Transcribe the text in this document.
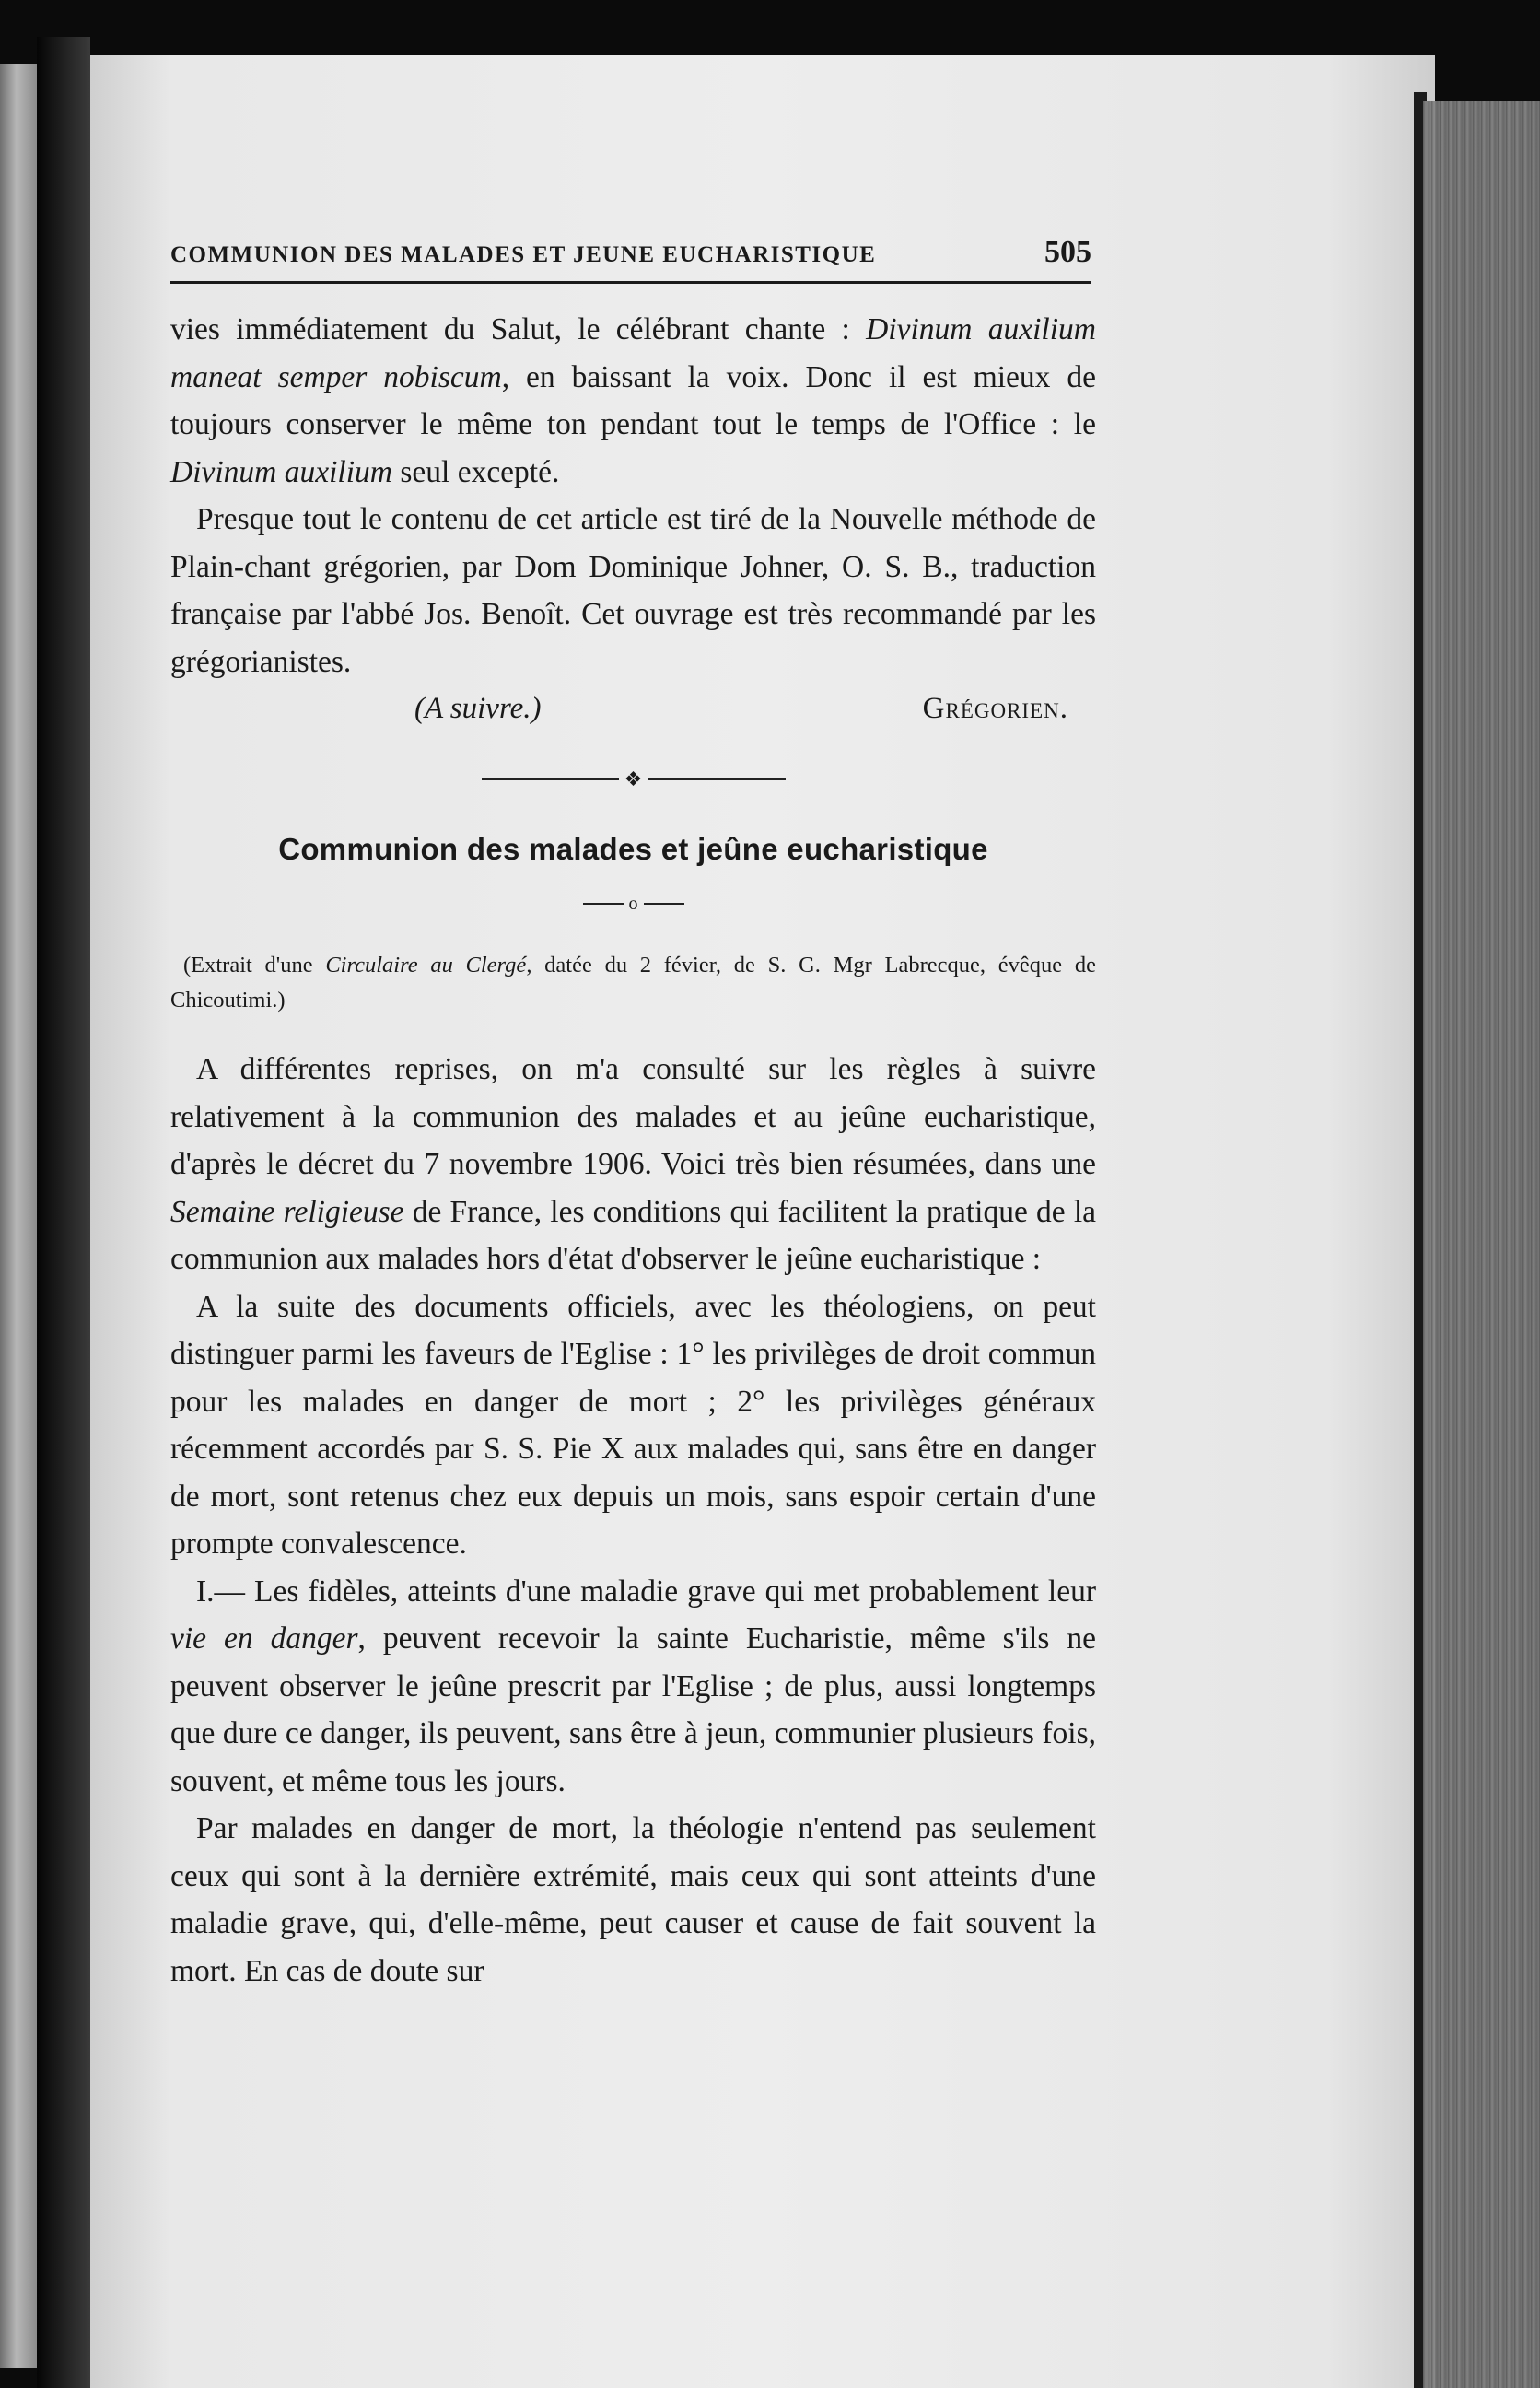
COMMUNION DES MALADES ET JEUNE EUCHARISTIQUE	505

vies immédiatement du Salut, le célébrant chante : Divinum auxilium maneat semper nobiscum, en baissant la voix. Donc il est mieux de toujours conserver le même ton pendant tout le temps de l'Office : le Divinum auxilium seul excepté.

Presque tout le contenu de cet article est tiré de la Nouvelle méthode de Plain-chant grégorien, par Dom Dominique Johner, O. S. B., traduction française par l'abbé Jos. Benoît. Cet ouvrage est très recommandé par les grégorianistes.

(A suivre.)	Grégorien.
❖
Communion des malades et jeûne eucharistique
o
(Extrait d'une Circulaire au Clergé, datée du 2 févier, de S. G. Mgr Labrecque, évêque de Chicoutimi.)

A différentes reprises, on m'a consulté sur les règles à suivre relativement à la communion des malades et au jeûne eucharistique, d'après le décret du 7 novembre 1906. Voici très bien résumées, dans une Semaine religieuse de France, les conditions qui facilitent la pratique de la communion aux malades hors d'état d'observer le jeûne eucharistique :

A la suite des documents officiels, avec les théologiens, on peut distinguer parmi les faveurs de l'Eglise : 1° les privilèges de droit commun pour les malades en danger de mort ; 2° les privilèges généraux récemment accordés par S. S. Pie X aux malades qui, sans être en danger de mort, sont retenus chez eux depuis un mois, sans espoir certain d'une prompte convalescence.

I.— Les fidèles, atteints d'une maladie grave qui met probablement leur vie en danger, peuvent recevoir la sainte Eucharistie, même s'ils ne peuvent observer le jeûne prescrit par l'Eglise ; de plus, aussi longtemps que dure ce danger, ils peuvent, sans être à jeun, communier plusieurs fois, souvent, et même tous les jours.

Par malades en danger de mort, la théologie n'entend pas seulement ceux qui sont à la dernière extrémité, mais ceux qui sont atteints d'une maladie grave, qui, d'elle-même, peut causer et cause de fait souvent la mort. En cas de doute sur
